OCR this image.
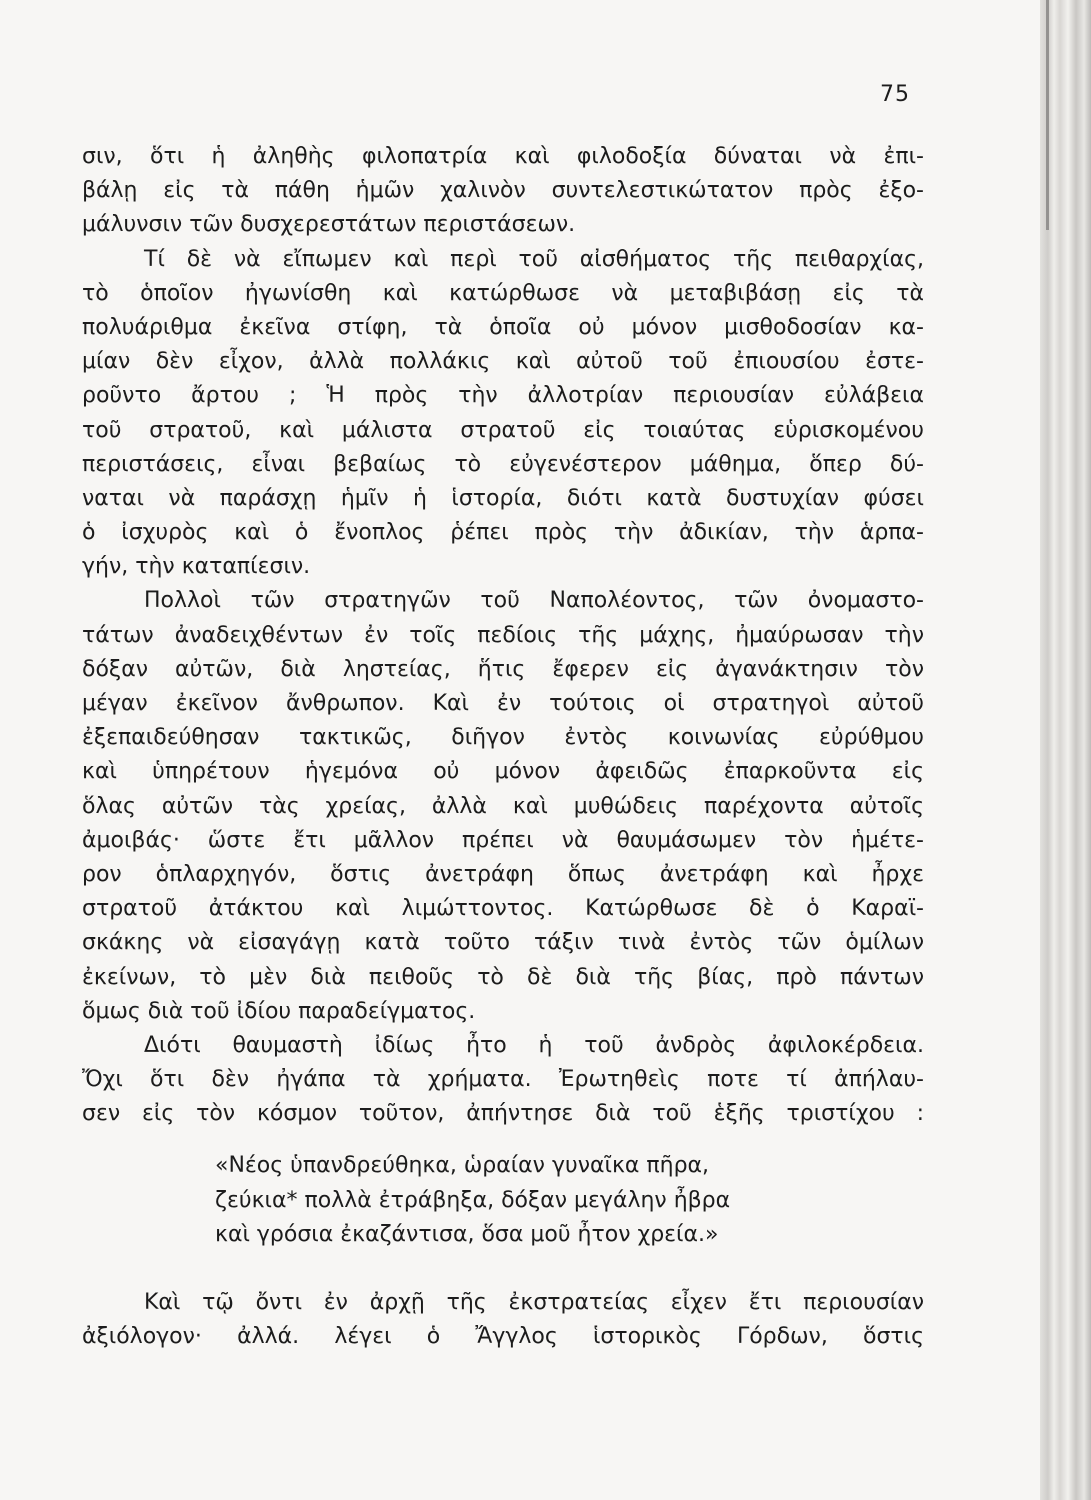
75
σιν, ὅτι ἡ ἀληθὴς φιλοπατρία καὶ φιλοδοξία δύναται νὰ ἐπι-
βάλῃ εἰς τὰ πάθη ἡμῶν χαλινὸν συντελεστικώτατον πρὸς ἐξο-
μάλυνσιν τῶν δυσχερεστάτων περιστάσεων.
Τί δὲ νὰ εἴπωμεν καὶ περὶ τοῦ αἰσθήματος τῆς πειθαρχίας,
τὸ ὁποῖον ἠγωνίσθη καὶ κατώρθωσε νὰ μεταβιβάσῃ εἰς τὰ
πολυάριθμα ἐκεῖνα στίφη, τὰ ὁποῖα οὐ μόνον μισθοδοσίαν κα-
μίαν δὲν εἶχον, ἀλλὰ πολλάκις καὶ αὐτοῦ τοῦ ἐπιουσίου ἐστε-
ροῦντο ἄρτου ; Ἡ πρὸς τὴν ἀλλοτρίαν περιουσίαν εὐλάβεια
τοῦ στρατοῦ, καὶ μάλιστα στρατοῦ εἰς τοιαύτας εὑρισκομένου
περιστάσεις, εἶναι βεβαίως τὸ εὐγενέστερον μάθημα, ὅπερ δύ-
ναται νὰ παράσχῃ ἡμῖν ἡ ἱστορία, διότι κατὰ δυστυχίαν φύσει
ὁ ἰσχυρὸς καὶ ὁ ἔνοπλος ῥέπει πρὸς τὴν ἀδικίαν, τὴν ἁρπα-
γήν, τὴν καταπίεσιν.
Πολλοὶ τῶν στρατηγῶν τοῦ Ναπολέοντος, τῶν ὀνομαστο-
τάτων ἀναδειχθέντων ἐν τοῖς πεδίοις τῆς μάχης, ἠμαύρωσαν τὴν
δόξαν αὐτῶν, διὰ ληστείας, ἥτις ἔφερεν εἰς ἀγανάκτησιν τὸν
μέγαν ἐκεῖνον ἄνθρωπον. Καὶ ἐν τούτοις οἱ στρατηγοὶ αὐτοῦ
ἐξεπαιδεύθησαν τακτικῶς, διῆγον ἐντὸς κοινωνίας εὐρύθμου
καὶ ὑπηρέτουν ἡγεμόνα οὐ μόνον ἀφειδῶς ἐπαρκοῦντα εἰς
ὅλας αὐτῶν τὰς χρείας, ἀλλὰ καὶ μυθώδεις παρέχοντα αὐτοῖς
ἀμοιβάς· ὥστε ἔτι μᾶλλον πρέπει νὰ θαυμάσωμεν τὸν ἡμέτε-
ρον ὁπλαρχηγόν, ὅστις ἀνετράφη ὅπως ἀνετράφη καὶ ἦρχε
στρατοῦ ἀτάκτου καὶ λιμώττοντος. Κατώρθωσε δὲ ὁ Καραϊ-
σκάκης νὰ εἰσαγάγῃ κατὰ τοῦτο τάξιν τινὰ ἐντὸς τῶν ὁμίλων
ἐκείνων, τὸ μὲν διὰ πειθοῦς τὸ δὲ διὰ τῆς βίας, πρὸ πάντων
ὅμως διὰ τοῦ ἰδίου παραδείγματος.
Διότι θαυμαστὴ ἰδίως ἦτο ἡ τοῦ ἀνδρὸς ἀφιλοκέρδεια.
Ὄχι ὅτι δὲν ἠγάπα τὰ χρήματα. Ἐρωτηθεὶς ποτε τί ἀπήλαυ-
σεν εἰς τὸν κόσμον τοῦτον, ἀπήντησε διὰ τοῦ ἑξῆς τριστίχου :
«Νέος ὑπανδρεύθηκα, ὡραίαν γυναῖκα πῆρα,
ζεύκια* πολλὰ ἐτράβηξα, δόξαν μεγάλην ἦβρα
καὶ γρόσια ἐκαζάντισα, ὅσα μοῦ ἦτον χρεία.»
Καὶ τῷ ὄντι ἐν ἀρχῇ τῆς ἐκστρατείας εἶχεν ἔτι περιουσίαν
ἀξιόλογον· ἀλλά. λέγει ὁ Ἄγγλος ἱστορικὸς Γόρδων, ὅστις
